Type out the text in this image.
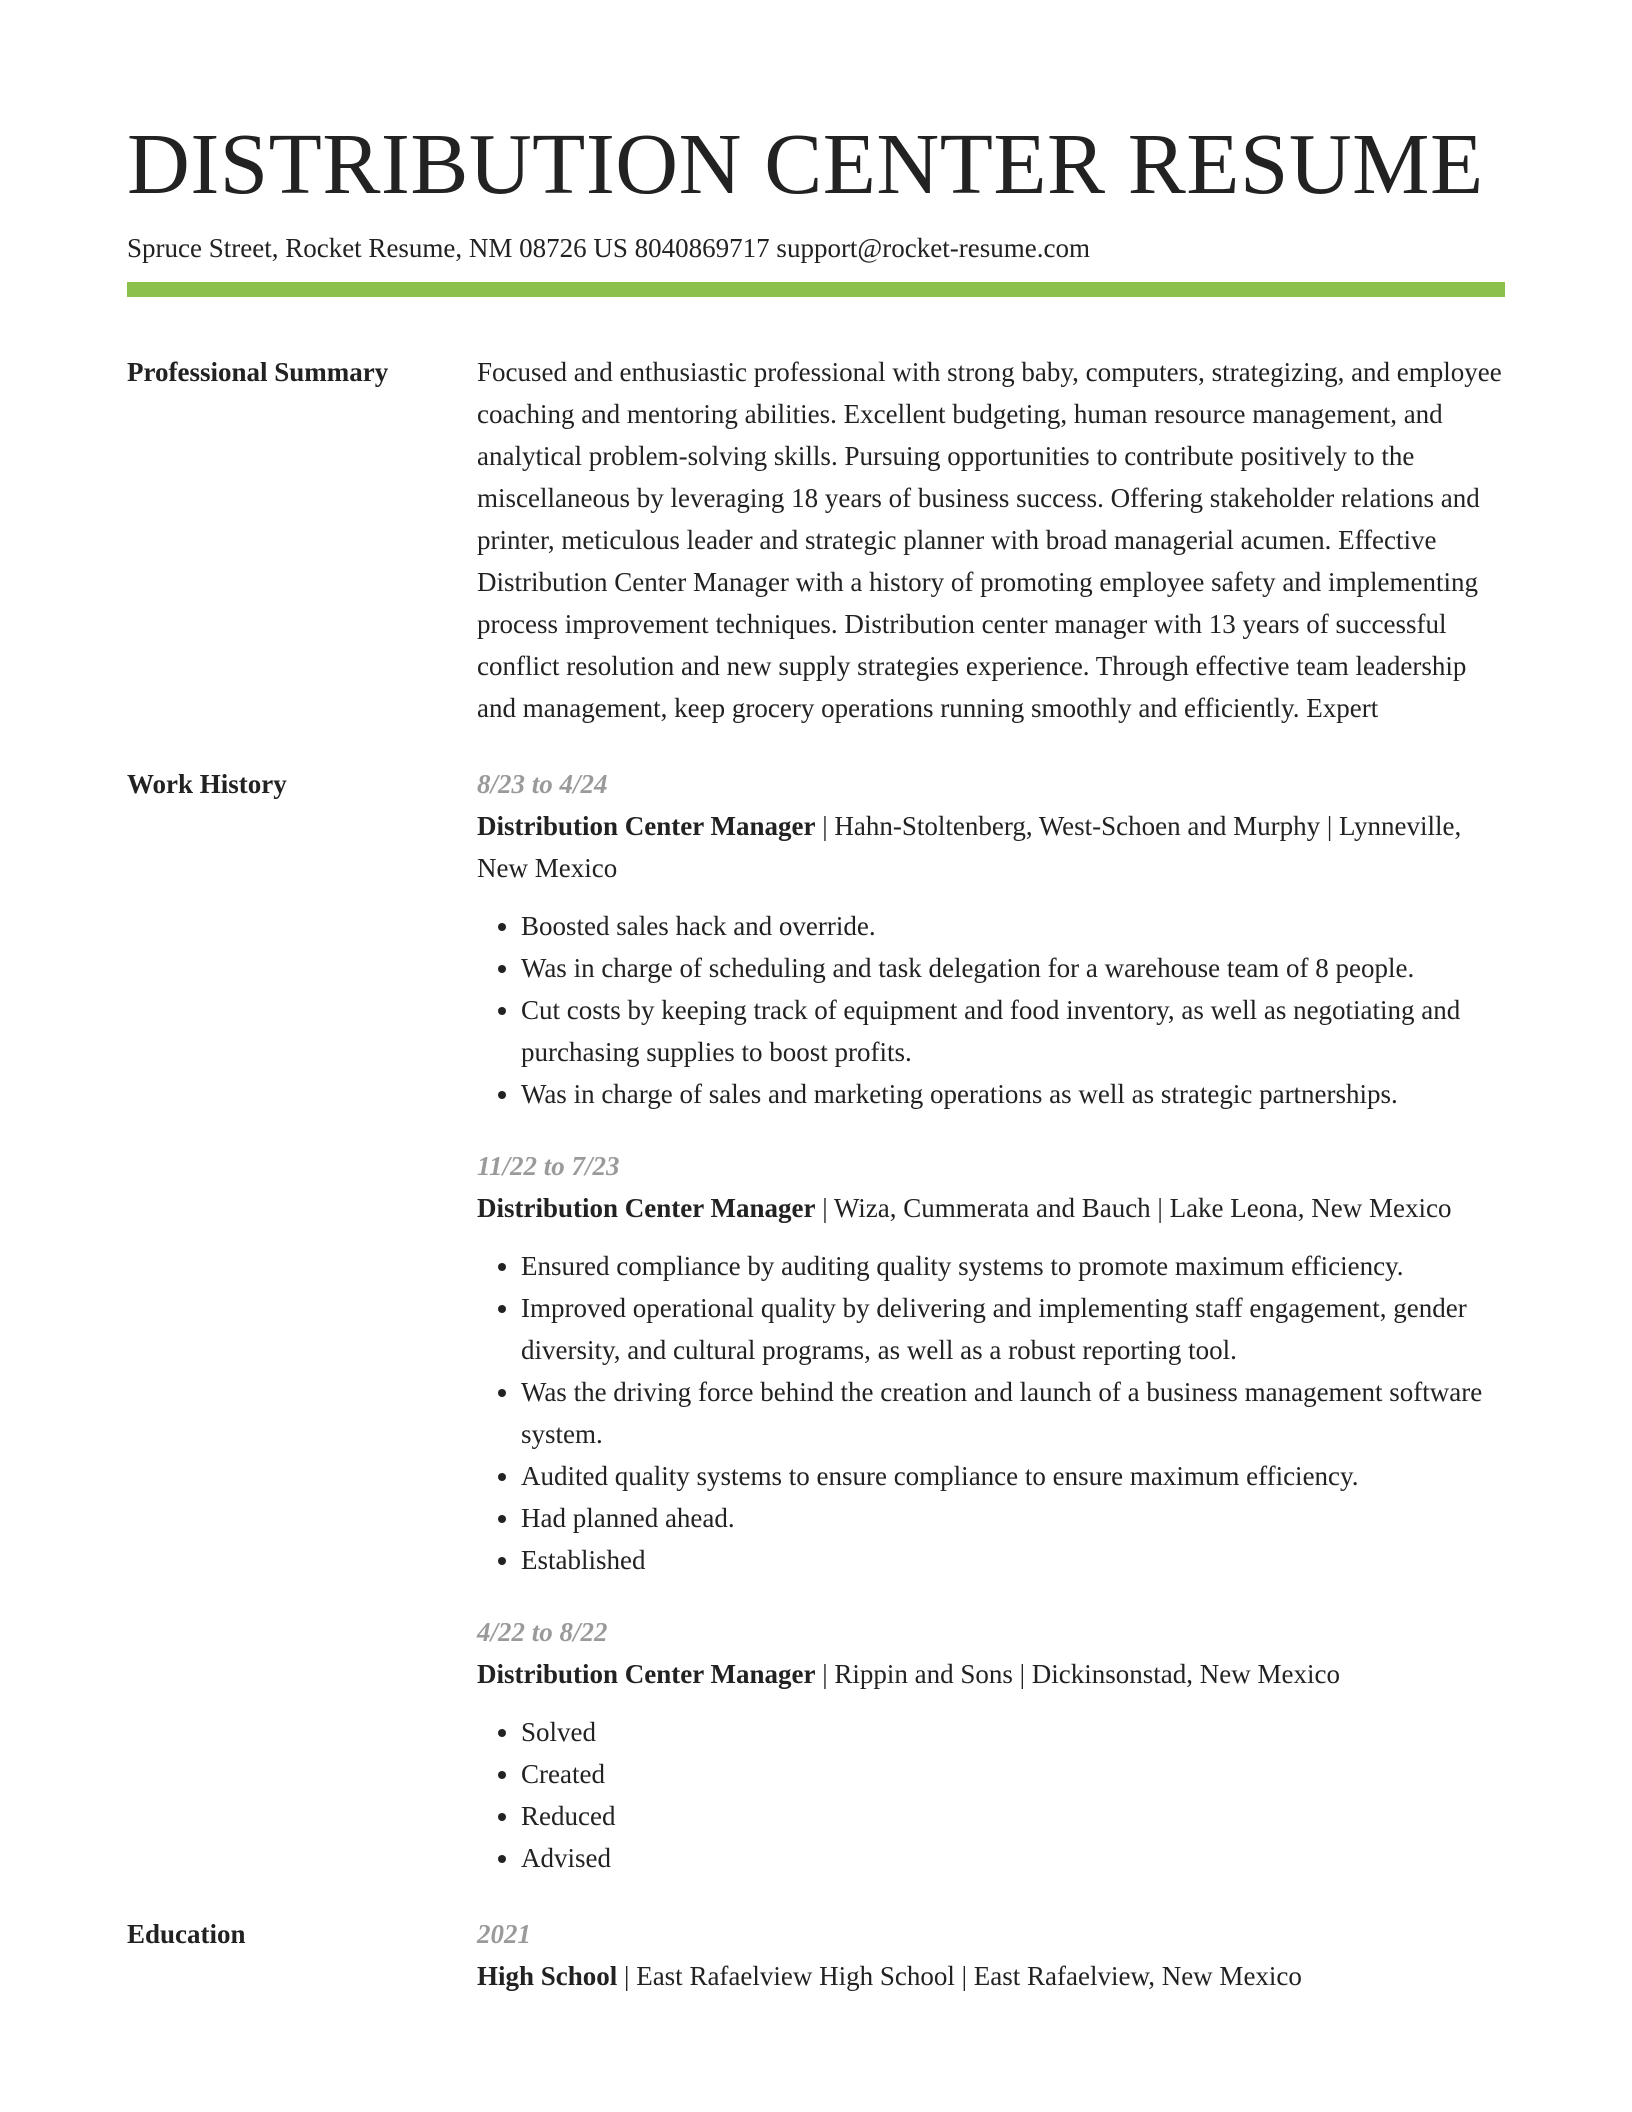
DISTRIBUTION CENTER RESUME
Spruce Street, Rocket Resume, NM 08726 US 8040869717 support@rocket-resume.com
Professional Summary	Focused and enthusiastic professional with strong baby, computers, strategizing, and employee coaching and mentoring abilities. Excellent budgeting, human resource management, and analytical problem-solving skills. Pursuing opportunities to contribute positively to the miscellaneous by leveraging 18 years of business success. Offering stakeholder relations and printer, meticulous leader and strategic planner with broad managerial acumen. Effective Distribution Center Manager with a history of promoting employee safety and implementing process improvement techniques. Distribution center manager with 13 years of successful conflict resolution and new supply strategies experience. Through effective team leadership and management, keep grocery operations running smoothly and efficiently. Expert

Work History	8/23 to 4/24
Distribution Center Manager | Hahn-Stoltenberg, West-Schoen and Murphy | Lynneville, New Mexico
• Boosted sales hack and override.
• Was in charge of scheduling and task delegation for a warehouse team of 8 people.
• Cut costs by keeping track of equipment and food inventory, as well as negotiating and purchasing supplies to boost profits.
• Was in charge of sales and marketing operations as well as strategic partnerships.
11/22 to 7/23
Distribution Center Manager | Wiza, Cummerata and Bauch | Lake Leona, New Mexico
• Ensured compliance by auditing quality systems to promote maximum efficiency.
• Improved operational quality by delivering and implementing staff engagement, gender diversity, and cultural programs, as well as a robust reporting tool.
• Was the driving force behind the creation and launch of a business management software system.
• Audited quality systems to ensure compliance to ensure maximum efficiency.
• Had planned ahead.
• Established
4/22 to 8/22
Distribution Center Manager | Rippin and Sons | Dickinsonstad, New Mexico
• Solved
• Created
• Reduced
• Advised
Education	2021
High School | East Rafaelview High School | East Rafaelview, New Mexico
